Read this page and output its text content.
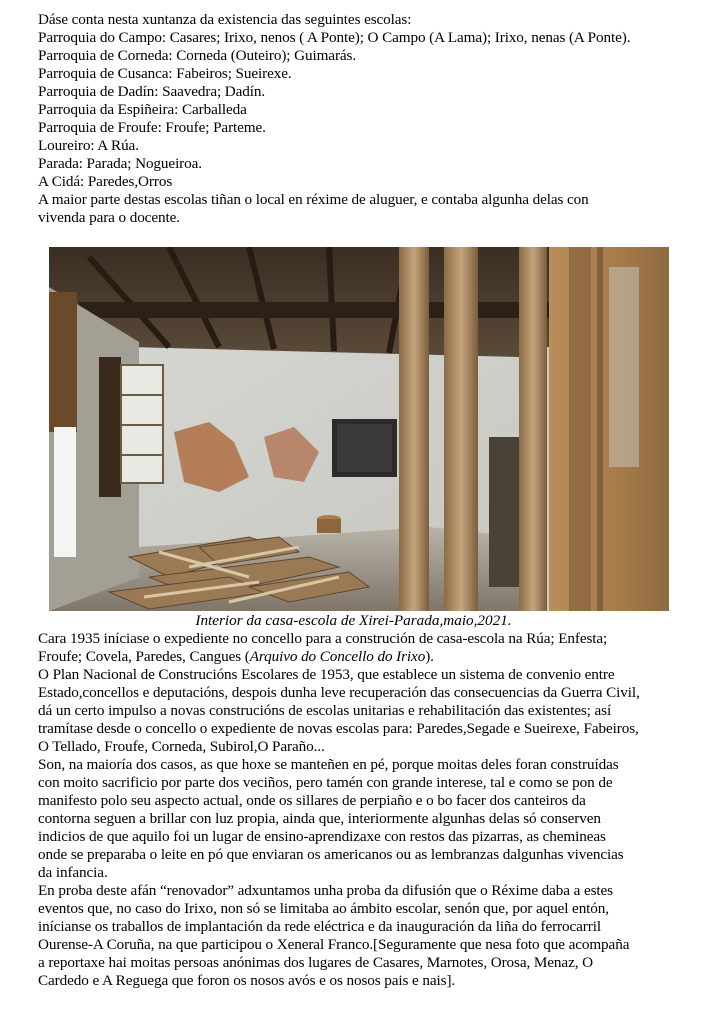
Dáse conta nesta xuntanza da existencia das seguintes escolas:

Parroquia do Campo: Casares; Irixo, nenos ( A Ponte); O Campo (A Lama); Irixo, nenas (A Ponte).

Parroquia de Corneda: Corneda (Outeiro); Guimarás.

Parroquia de Cusanca: Fabeiros; Sueirexe.

Parroquia de Dadín: Saavedra; Dadín.

Parroquia da Espiñeira: Carballeda

Parroquia de Froufe: Froufe; Parteme.

Loureiro: A Rúa.

Parada: Parada; Nogueiroa.

A Cidá: Paredes,Orros

A maior parte destas escolas tiñan o local en réxime de aluguer, e contaba algunha delas con

vivenda para o docente.

Interior da casa-escola de Xirei-Parada,maio,2021.

Cara 1935 iníciase o expediente no concello para a construción de casa-escola na Rúa; Enfesta;

Froufe; Covela, Paredes, Cangues (Arquivo do Concello do Irixo).

O Plan Nacional de Construcións Escolares de 1953, que establece un sistema de convenio entre

Estado,concellos e deputacións, despois dunha leve recuperación das consecuencias da Guerra Civil,

dá un certo impulso a novas construcións de escolas unitarias e rehabilitación das existentes; así

tramítase desde o concello o expediente de novas escolas para: Paredes,Segade e Sueirexe, Fabeiros,

O Tellado, Froufe, Corneda, Subirol,O Paraño...

Son, na maioría dos casos, as que hoxe se manteñen en pé, porque moitas deles foran construídas

con moito sacrificio por parte dos veciños, pero tamén con grande interese, tal e como se pon de

manifesto polo seu aspecto actual, onde os sillares de perpiaño e o bo facer dos canteiros da

contorna seguen a brillar con luz propia, ainda que, interiormente algunhas delas só conserven

indicios de que aquilo foi un lugar de ensino-aprendizaxe con restos das pizarras, as chemineas

onde se preparaba o leite en pó que enviaran os americanos ou as lembranzas dalgunhas vivencias

da infancia.

En proba deste afán “renovador” adxuntamos unha proba da difusión que o Réxime daba a estes

eventos que, no caso do Irixo, non só se limitaba ao ámbito escolar, senón que, por aquel entón,

inícianse os traballos de implantación da rede eléctrica e da inauguración da liña do ferrocarril

Ourense-A Coruña, na que participou o Xeneral Franco.[Seguramente que nesa foto que acompaña

a reportaxe hai moitas persoas anónimas dos lugares de Casares, Marnotes, Orosa, Menaz, O

Cardedo e A Reguega que foron os nosos avós e os nosos pais e nais].
